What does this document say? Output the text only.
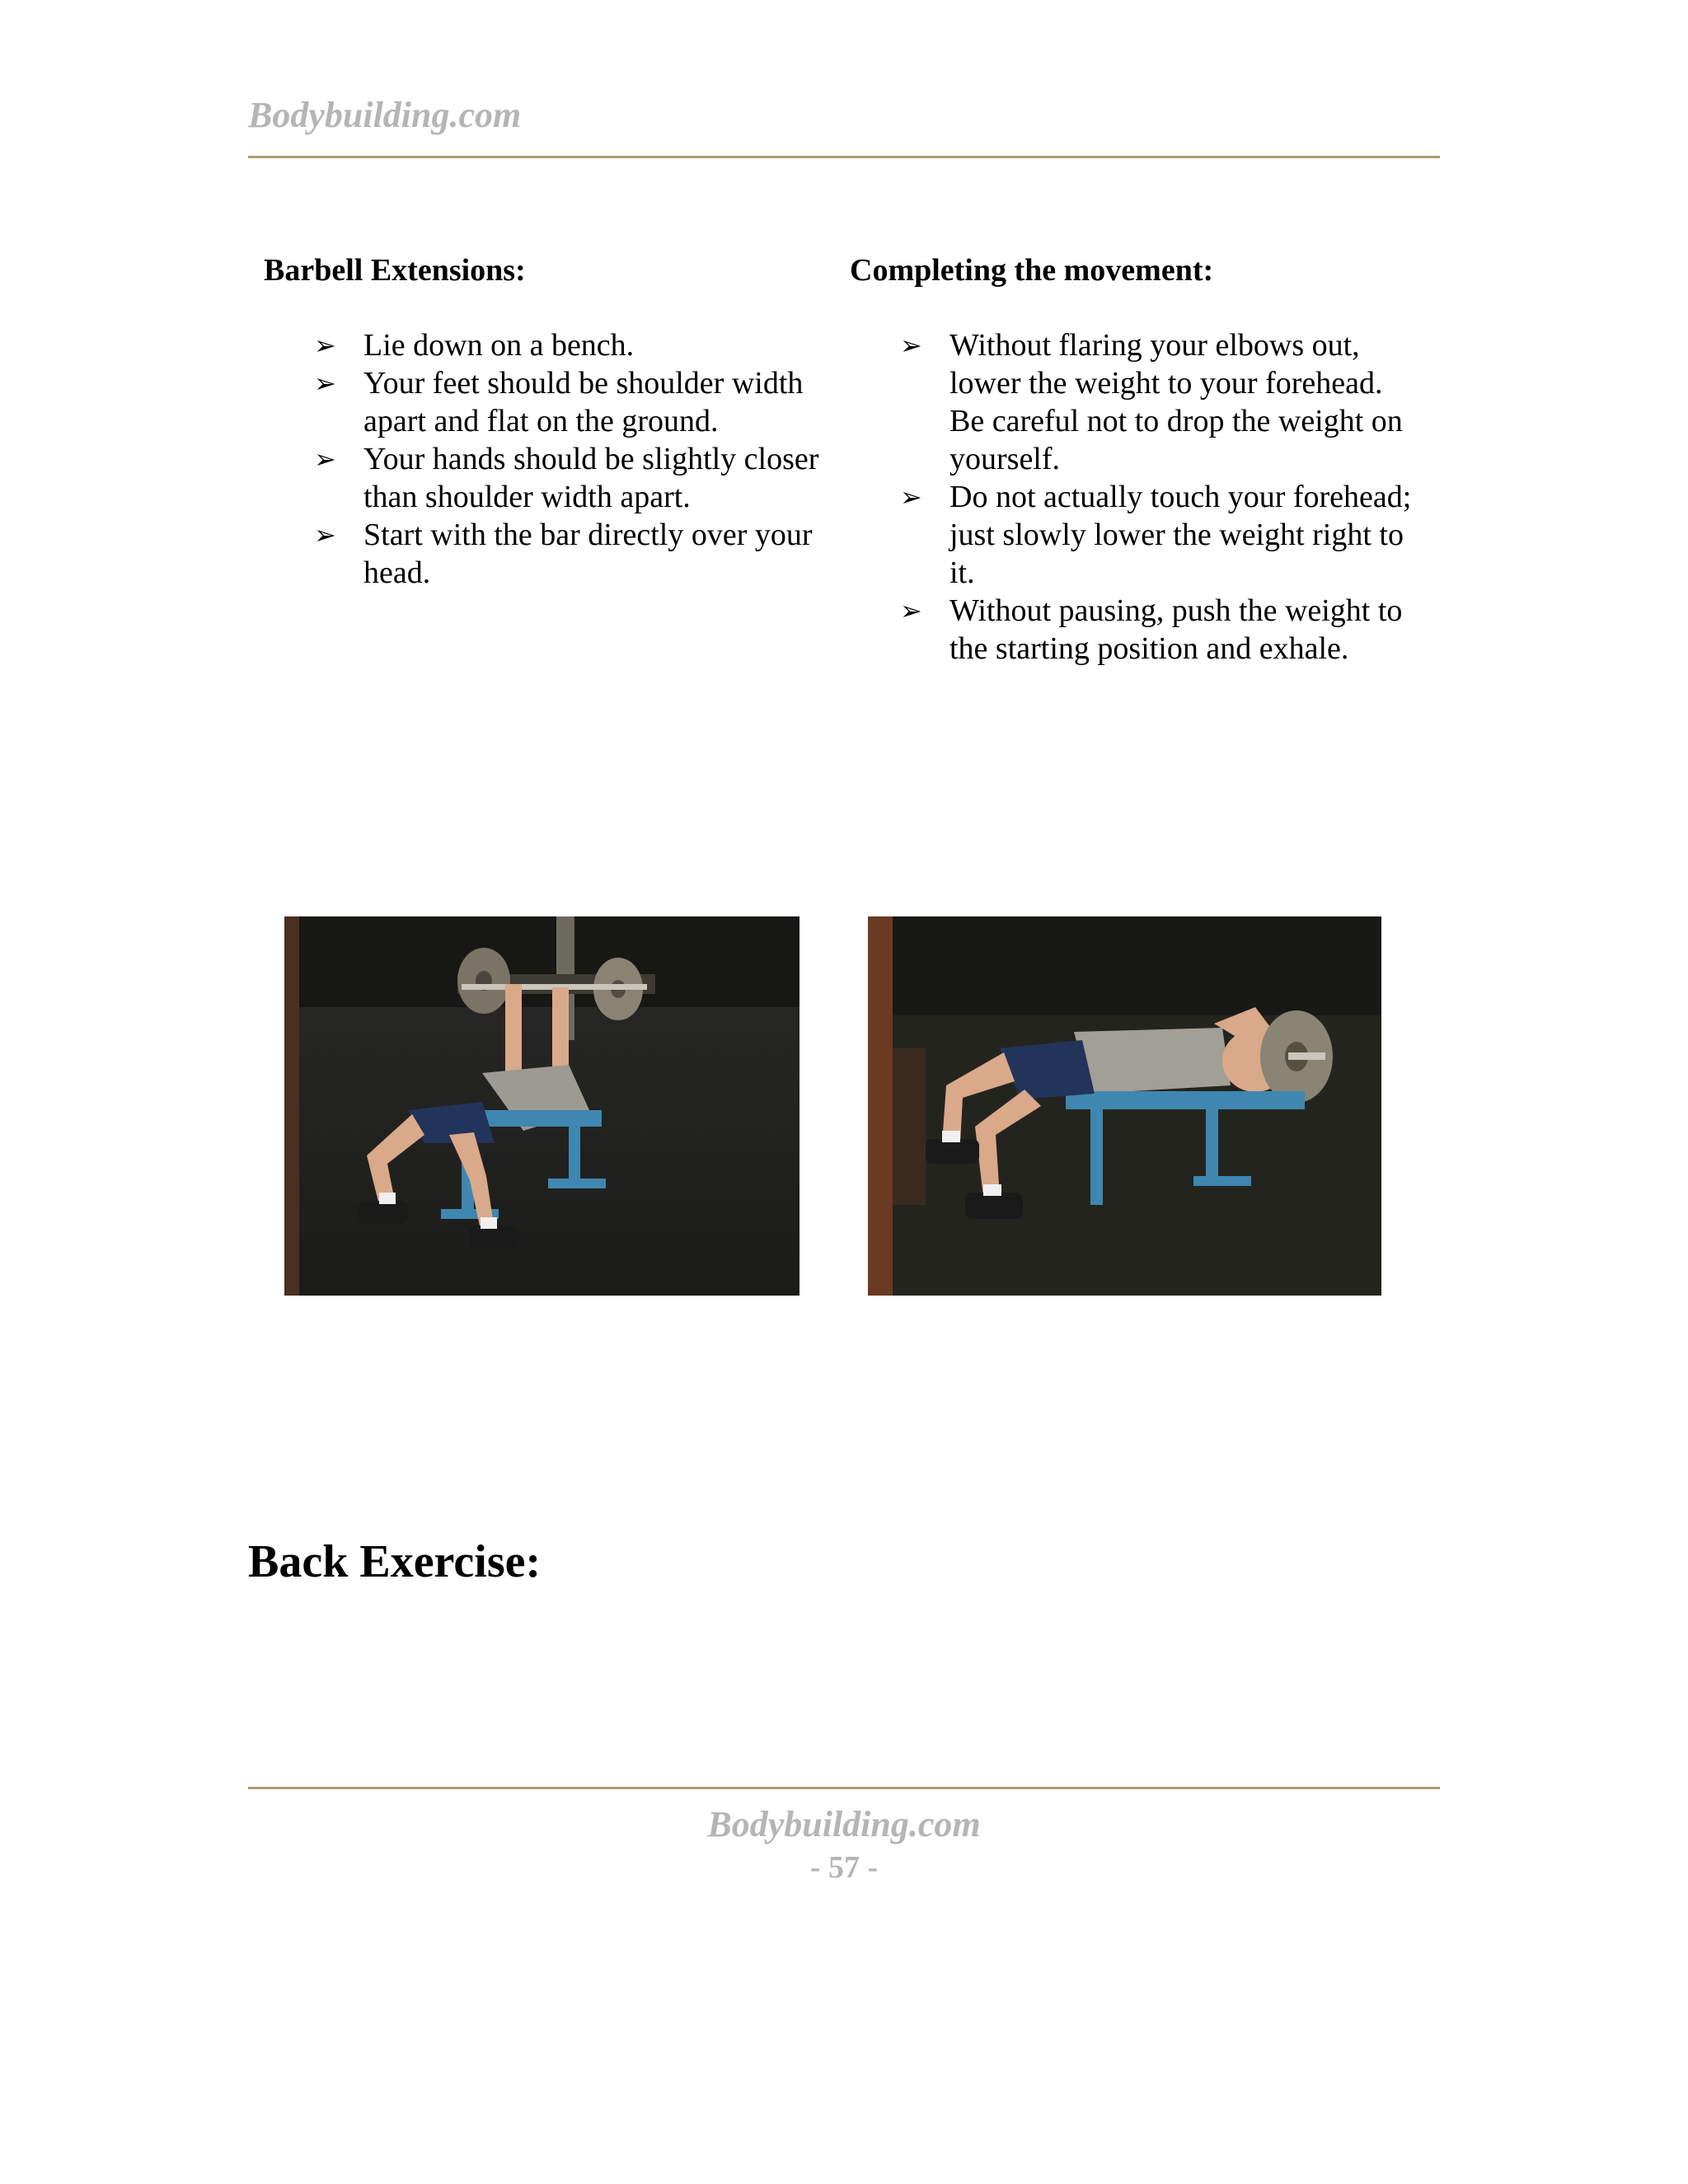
Bodybuilding.com
Barbell Extensions:
➢ Lie down on a bench.
➢ Your feet should be shoulder width apart and flat on the ground.
➢ Your hands should be slightly closer than shoulder width apart.
➢ Start with the bar directly over your head.
Completing the movement:
➢ Without flaring your elbows out, lower the weight to your forehead. Be careful not to drop the weight on yourself.
➢ Do not actually touch your forehead; just slowly lower the weight right to it.
➢ Without pausing, push the weight to the starting position and exhale.
Back Exercise:
Bodybuilding.com
- 57 -
